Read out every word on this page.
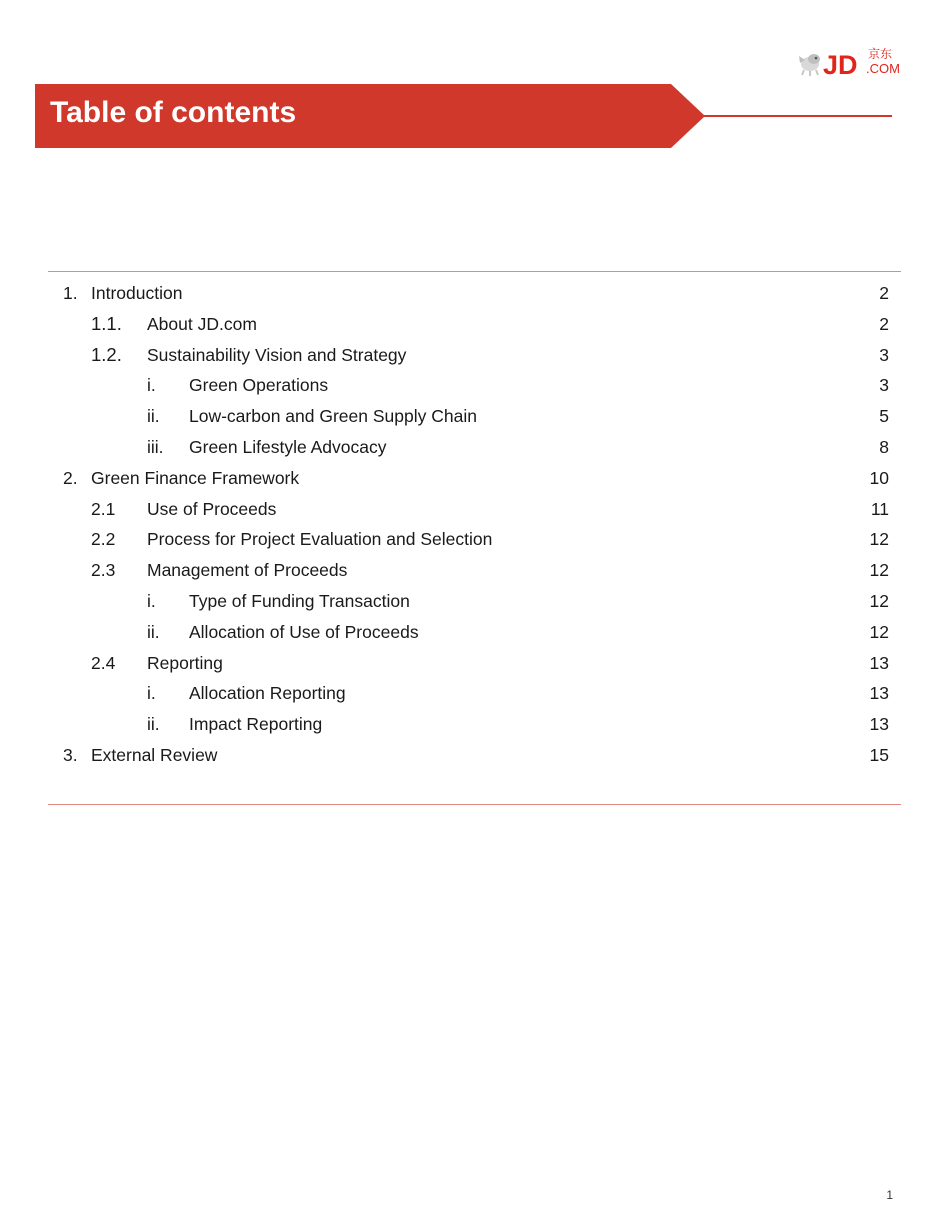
JD 京东
.COM
Table of contents
1. Introduction	2
1.1. About JD.com	2
1.2. Sustainability Vision and Strategy	3
i. Green Operations	3
ii. Low-carbon and Green Supply Chain	5
iii. Green Lifestyle Advocacy	8
2. Green Finance Framework	10
2.1 Use of Proceeds	11
2.2 Process for Project Evaluation and Selection	12
2.3 Management of Proceeds	12
i. Type of Funding Transaction	12
ii. Allocation of Use of Proceeds	12
2.4 Reporting	13
i. Allocation Reporting	13
ii. Impact Reporting	13
3. External Review	15
1
